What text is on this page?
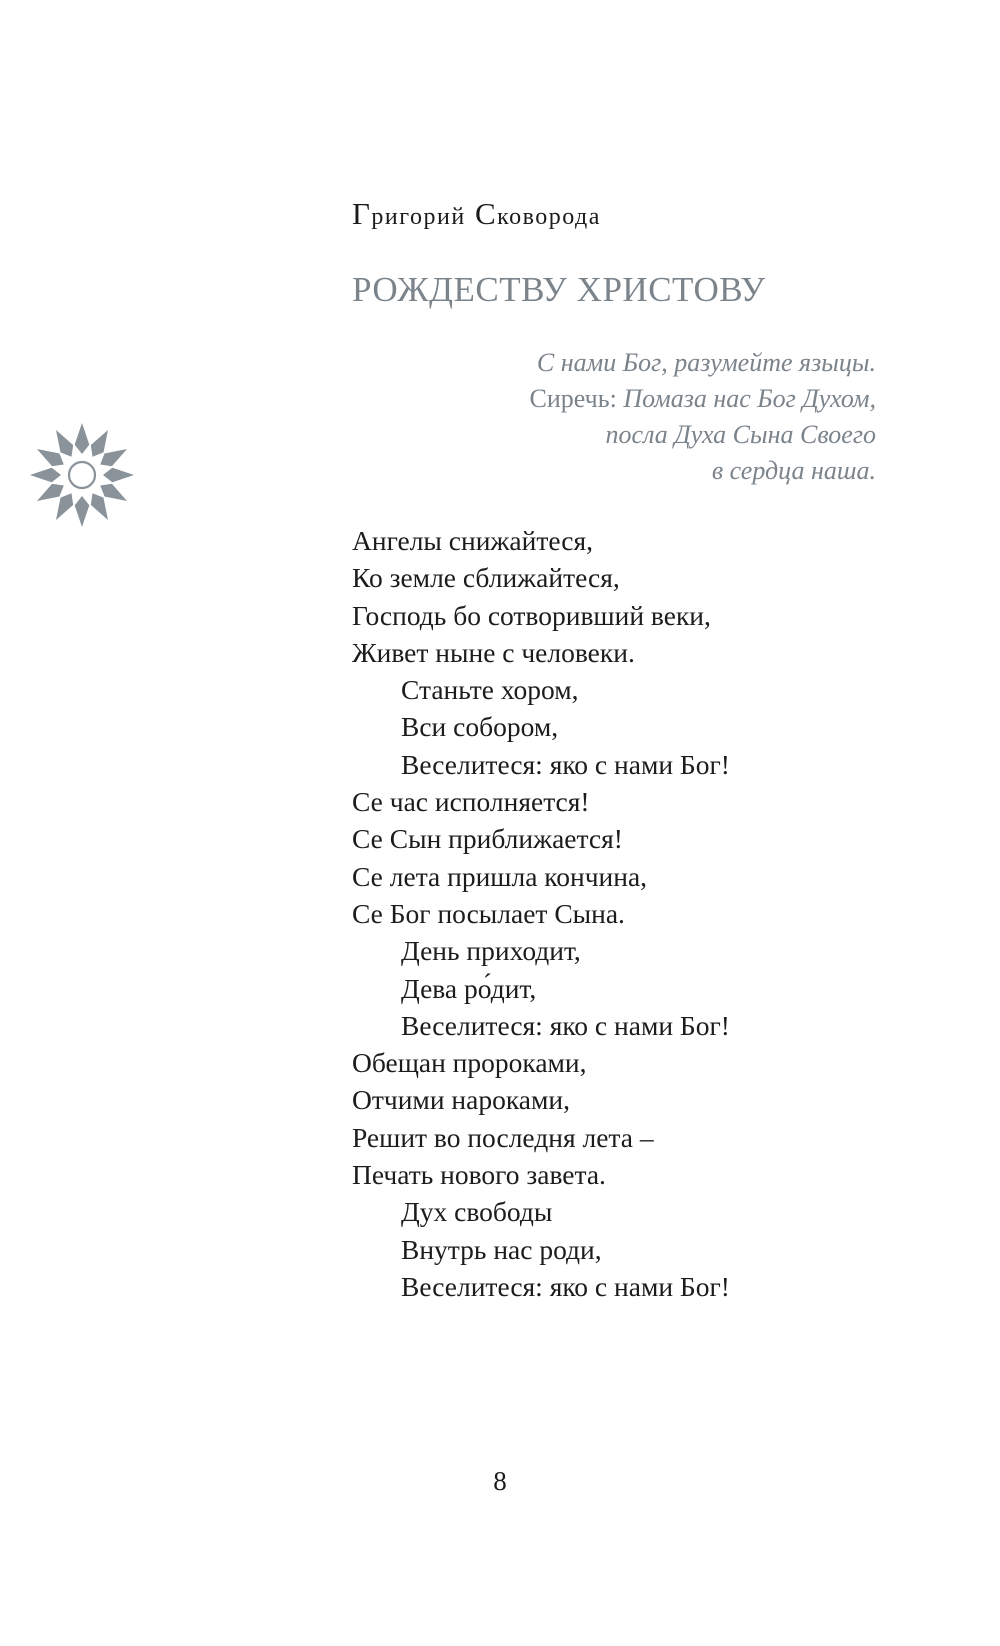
Григорий Сковорода
РОЖДЕСТВУ ХРИСТОВУ
С нами Бог, разумейте языцы.
Сиречь: Помаза нас Бог Духом,
посла Духа Сына Своего
в сердца наша.
Ангелы снижайтеся,
Ко земле сближайтеся,
Господь бо сотворивший веки,
Живет ныне с человеки.
Станьте хором,
Вси собором,
Веселитеся: яко с нами Бог!
Се час исполняется!
Се Сын приближается!
Се лета пришла кончина,
Се Бог посылает Сына.
День приходит,
Дева ро́дит,
Веселитеся: яко с нами Бог!
Обещан пророками,
Отчими нароками,
Решит во последня лета –
Печать нового завета.
Дух свободы
Внутрь нас роди,
Веселитеся: яко с нами Бог!
8
